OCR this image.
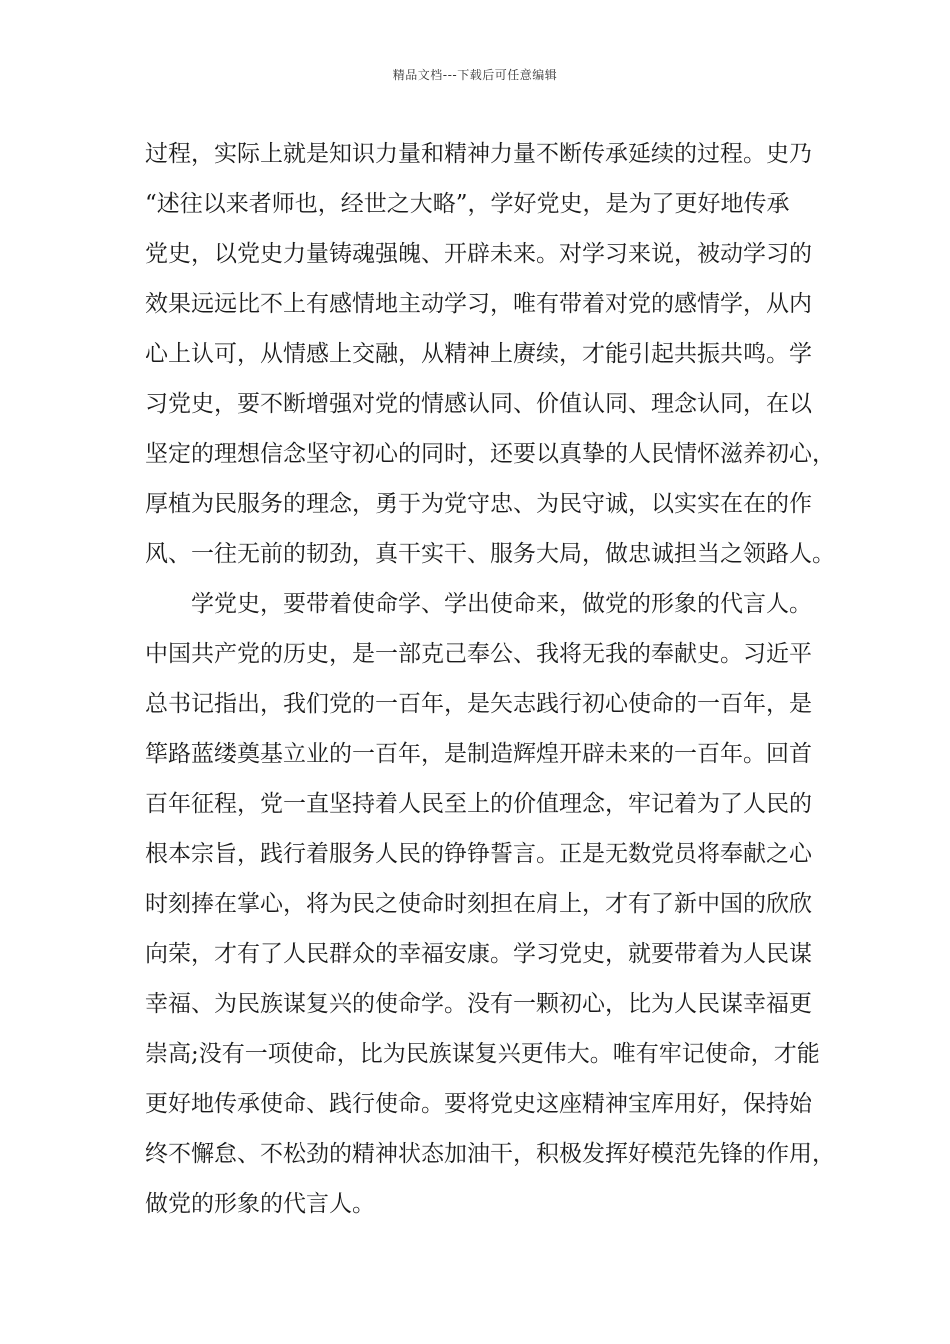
精品文档---下载后可任意编辑
过程，实际上就是知识力量和精神力量不断传承延续的过程。史乃
“述往以来者师也，经世之大略”，学好党史，是为了更好地传承
党史，以党史力量铸魂强魄、开辟未来。对学习来说，被动学习的
效果远远比不上有感情地主动学习，唯有带着对党的感情学，从内
心上认可，从情感上交融，从精神上赓续，才能引起共振共鸣。学
习党史，要不断增强对党的情感认同、价值认同、理念认同，在以
坚定的理想信念坚守初心的同时，还要以真挚的人民情怀滋养初心，
厚植为民服务的理念，勇于为党守忠、为民守诚，以实实在在的作
风、一往无前的韧劲，真干实干、服务大局，做忠诚担当之领路人。
学党史，要带着使命学、学出使命来，做党的形象的代言人。
中国共产党的历史，是一部克己奉公、我将无我的奉献史。习近平
总书记指出，我们党的一百年，是矢志践行初心使命的一百年，是
筚路蓝缕奠基立业的一百年，是制造辉煌开辟未来的一百年。回首
百年征程，党一直坚持着人民至上的价值理念，牢记着为了人民的
根本宗旨，践行着服务人民的铮铮誓言。正是无数党员将奉献之心
时刻捧在掌心，将为民之使命时刻担在肩上，才有了新中国的欣欣
向荣，才有了人民群众的幸福安康。学习党史，就要带着为人民谋
幸福、为民族谋复兴的使命学。没有一颗初心，比为人民谋幸福更
崇高;没有一项使命，比为民族谋复兴更伟大。唯有牢记使命，才能
更好地传承使命、践行使命。要将党史这座精神宝库用好，保持始
终不懈怠、不松劲的精神状态加油干，积极发挥好模范先锋的作用，
做党的形象的代言人。
